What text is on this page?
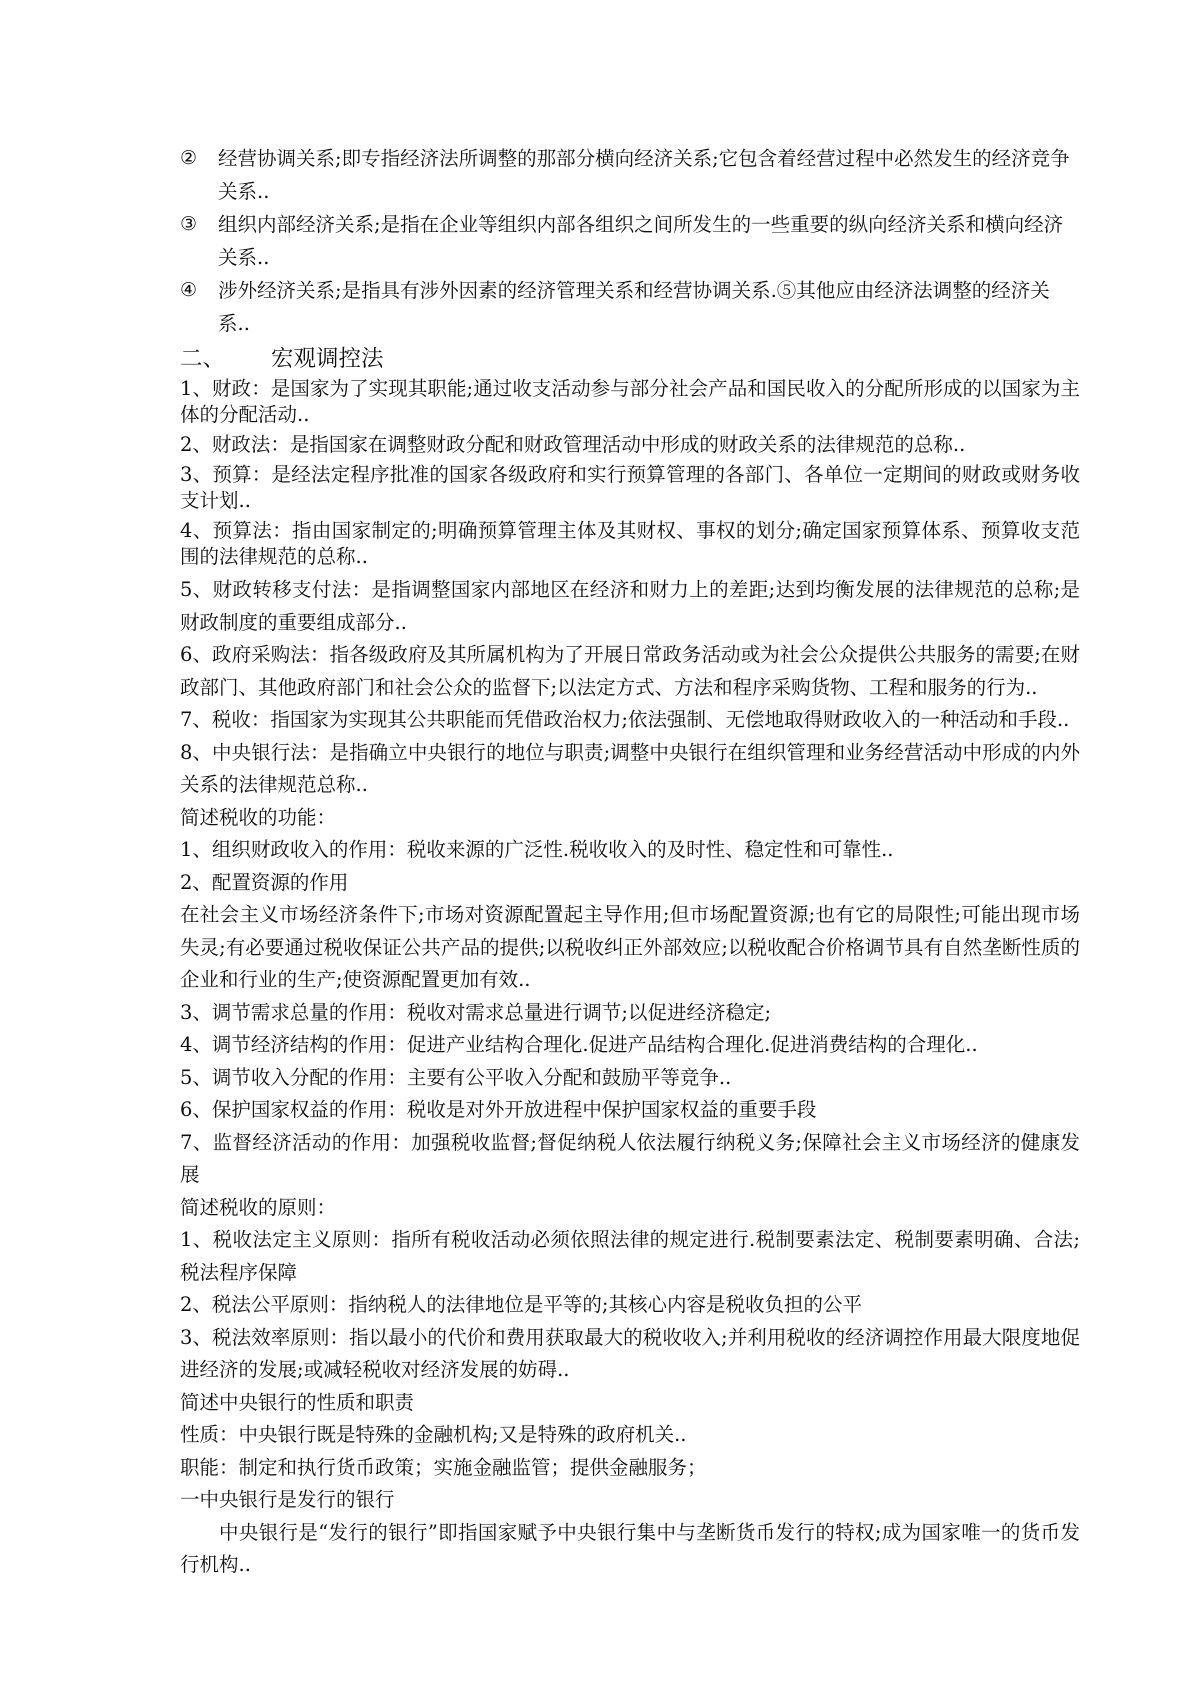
② 经营协调关系;即专指经济法所调整的那部分横向经济关系;它包含着经营过程中必然发生的经济竞争关系..
③ 组织内部经济关系;是指在企业等组织内部各组织之间所发生的一些重要的纵向经济关系和横向经济关系..
④ 涉外经济关系;是指具有涉外因素的经济管理关系和经营协调关系.⑤其他应由经济法调整的经济关系..
二、 宏观调控法

1、财政：是国家为了实现其职能;通过收支活动参与部分社会产品和国民收入的分配所形成的以国家为主体的分配活动..

2、财政法：是指国家在调整财政分配和财政管理活动中形成的财政关系的法律规范的总称..

3、预算：是经法定程序批准的国家各级政府和实行预算管理的各部门、各单位一定期间的财政或财务收支计划..

4、预算法：指由国家制定的;明确预算管理主体及其财权、事权的划分;确定国家预算体系、预算收支范围的法律规范的总称..

5、财政转移支付法：是指调整国家内部地区在经济和财力上的差距;达到均衡发展的法律规范的总称;是财政制度的重要组成部分..

6、政府采购法：指各级政府及其所属机构为了开展日常政务活动或为社会公众提供公共服务的需要;在财政部门、其他政府部门和社会公众的监督下;以法定方式、方法和程序采购货物、工程和服务的行为..

7、税收：指国家为实现其公共职能而凭借政治权力;依法强制、无偿地取得财政收入的一种活动和手段..

8、中央银行法：是指确立中央银行的地位与职责;调整中央银行在组织管理和业务经营活动中形成的内外关系的法律规范总称..

简述税收的功能：

1、组织财政收入的作用：税收来源的广泛性.税收收入的及时性、稳定性和可靠性..

2、配置资源的作用

在社会主义市场经济条件下;市场对资源配置起主导作用;但市场配置资源;也有它的局限性;可能出现市场失灵;有必要通过税收保证公共产品的提供;以税收纠正外部效应;以税收配合价格调节具有自然垄断性质的企业和行业的生产;使资源配置更加有效..

3、调节需求总量的作用：税收对需求总量进行调节;以促进经济稳定;

4、调节经济结构的作用：促进产业结构合理化.促进产品结构合理化.促进消费结构的合理化..

5、调节收入分配的作用：主要有公平收入分配和鼓励平等竞争..

6、保护国家权益的作用：税收是对外开放进程中保护国家权益的重要手段

7、监督经济活动的作用：加强税收监督;督促纳税人依法履行纳税义务;保障社会主义市场经济的健康发展

简述税收的原则：

1、税收法定主义原则：指所有税收活动必须依照法律的规定进行.税制要素法定、税制要素明确、合法;税法程序保障

2、税法公平原则：指纳税人的法律地位是平等的;其核心内容是税收负担的公平

3、税法效率原则：指以最小的代价和费用获取最大的税收收入;并利用税收的经济调控作用最大限度地促进经济的发展;或减轻税收对经济发展的妨碍..

简述中央银行的性质和职责

性质：中央银行既是特殊的金融机构;又是特殊的政府机关..

职能：制定和执行货币政策；实施金融监管；提供金融服务；

一中央银行是发行的银行

中央银行是“发行的银行”即指国家赋予中央银行集中与垄断货币发行的特权;成为国家唯一的货币发行机构..
